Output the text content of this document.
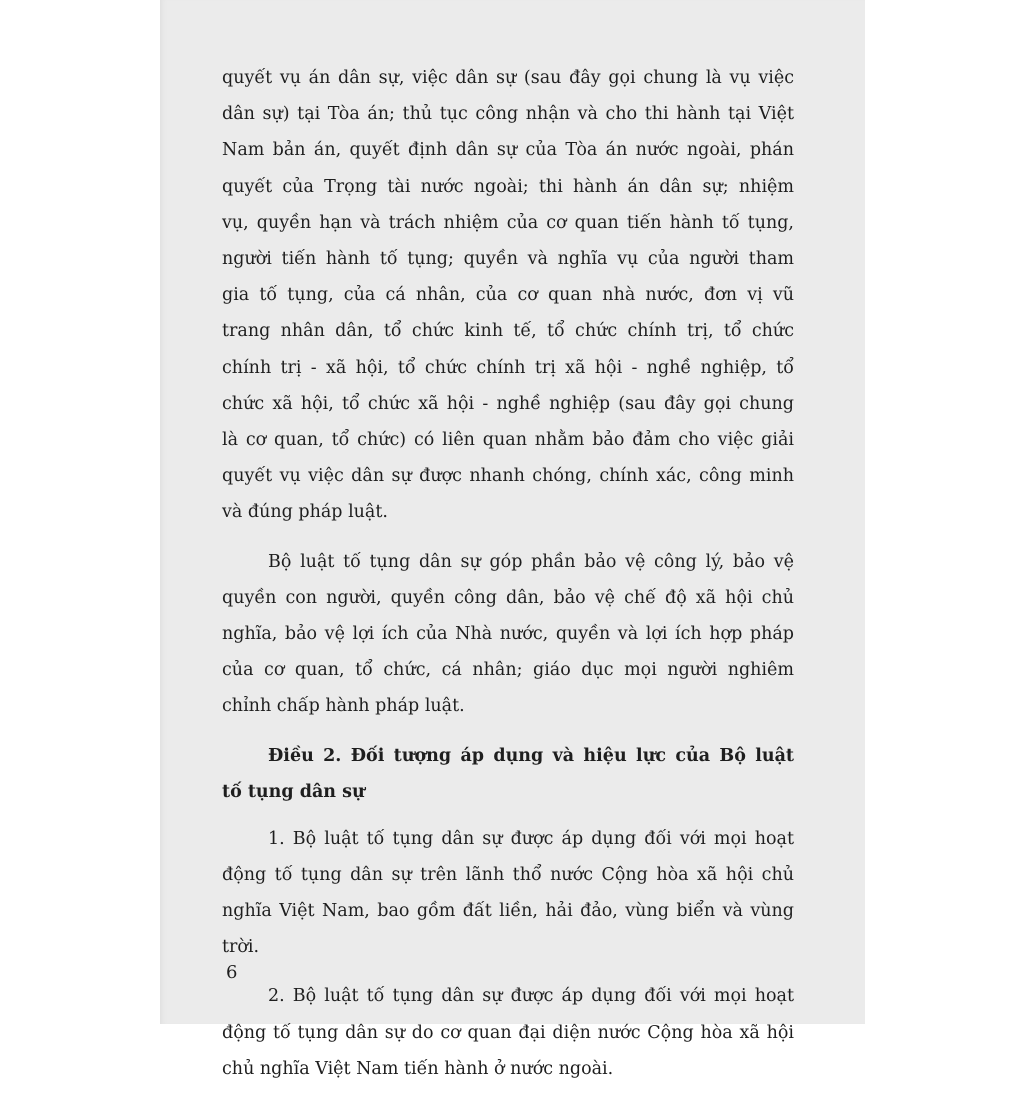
quyết vụ án dân sự, việc dân sự (sau đây gọi chung là vụ việc
dân sự) tại Tòa án; thủ tục công nhận và cho thi hành tại Việt
Nam bản án, quyết định dân sự của Tòa án nước ngoài, phán
quyết của Trọng tài nước ngoài; thi hành án dân sự; nhiệm
vụ, quyền hạn và trách nhiệm của cơ quan tiến hành tố tụng,
người tiến hành tố tụng; quyền và nghĩa vụ của người tham
gia tố tụng, của cá nhân, của cơ quan nhà nước, đơn vị vũ
trang nhân dân, tổ chức kinh tế, tổ chức chính trị, tổ chức
chính trị - xã hội, tổ chức chính trị xã hội - nghề nghiệp, tổ
chức xã hội, tổ chức xã hội - nghề nghiệp (sau đây gọi chung
là cơ quan, tổ chức) có liên quan nhằm bảo đảm cho việc giải
quyết vụ việc dân sự được nhanh chóng, chính xác, công minh
và đúng pháp luật.

Bộ luật tố tụng dân sự góp phần bảo vệ công lý, bảo vệ
quyền con người, quyền công dân, bảo vệ chế độ xã hội chủ
nghĩa, bảo vệ lợi ích của Nhà nước, quyền và lợi ích hợp pháp
của cơ quan, tổ chức, cá nhân; giáo dục mọi người nghiêm
chỉnh chấp hành pháp luật.

Điều 2. Đối tượng áp dụng và hiệu lực của Bộ luật
tố tụng dân sự

1. Bộ luật tố tụng dân sự được áp dụng đối với mọi hoạt
động tố tụng dân sự trên lãnh thổ nước Cộng hòa xã hội chủ
nghĩa Việt Nam, bao gồm đất liền, hải đảo, vùng biển và vùng
trời.

2. Bộ luật tố tụng dân sự được áp dụng đối với mọi hoạt
động tố tụng dân sự do cơ quan đại diện nước Cộng hòa xã hội
chủ nghĩa Việt Nam tiến hành ở nước ngoài.

6
